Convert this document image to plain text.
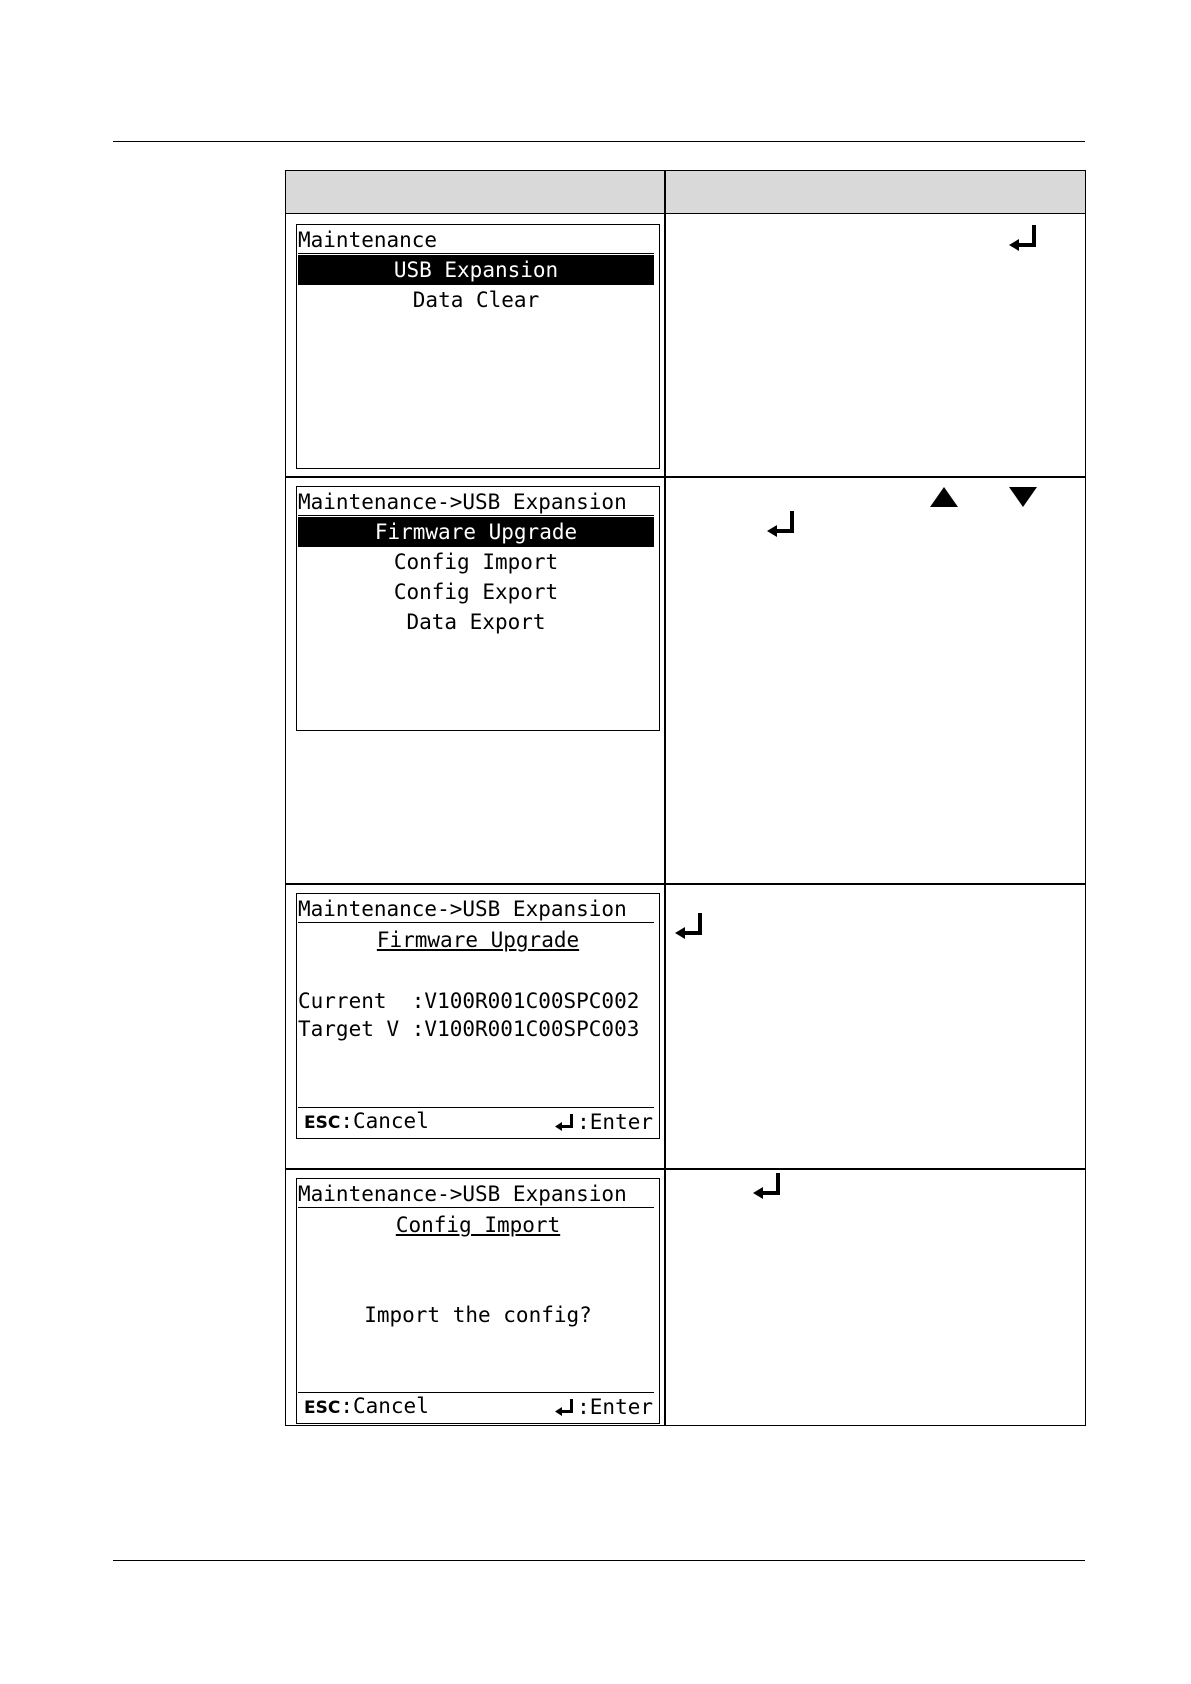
Maintenance
USB Expansion
Data Clear
Maintenance->USB Expansion
Firmware Upgrade
Config Import
Config Export
Data Export
Maintenance->USB Expansion
Firmware Upgrade
Current  :V100R001C00SPC002
Target V :V100R001C00SPC003
ESC:Cancel	:Enter
Maintenance->USB Expansion
Config Import
Import the config?
ESC:Cancel	:Enter
